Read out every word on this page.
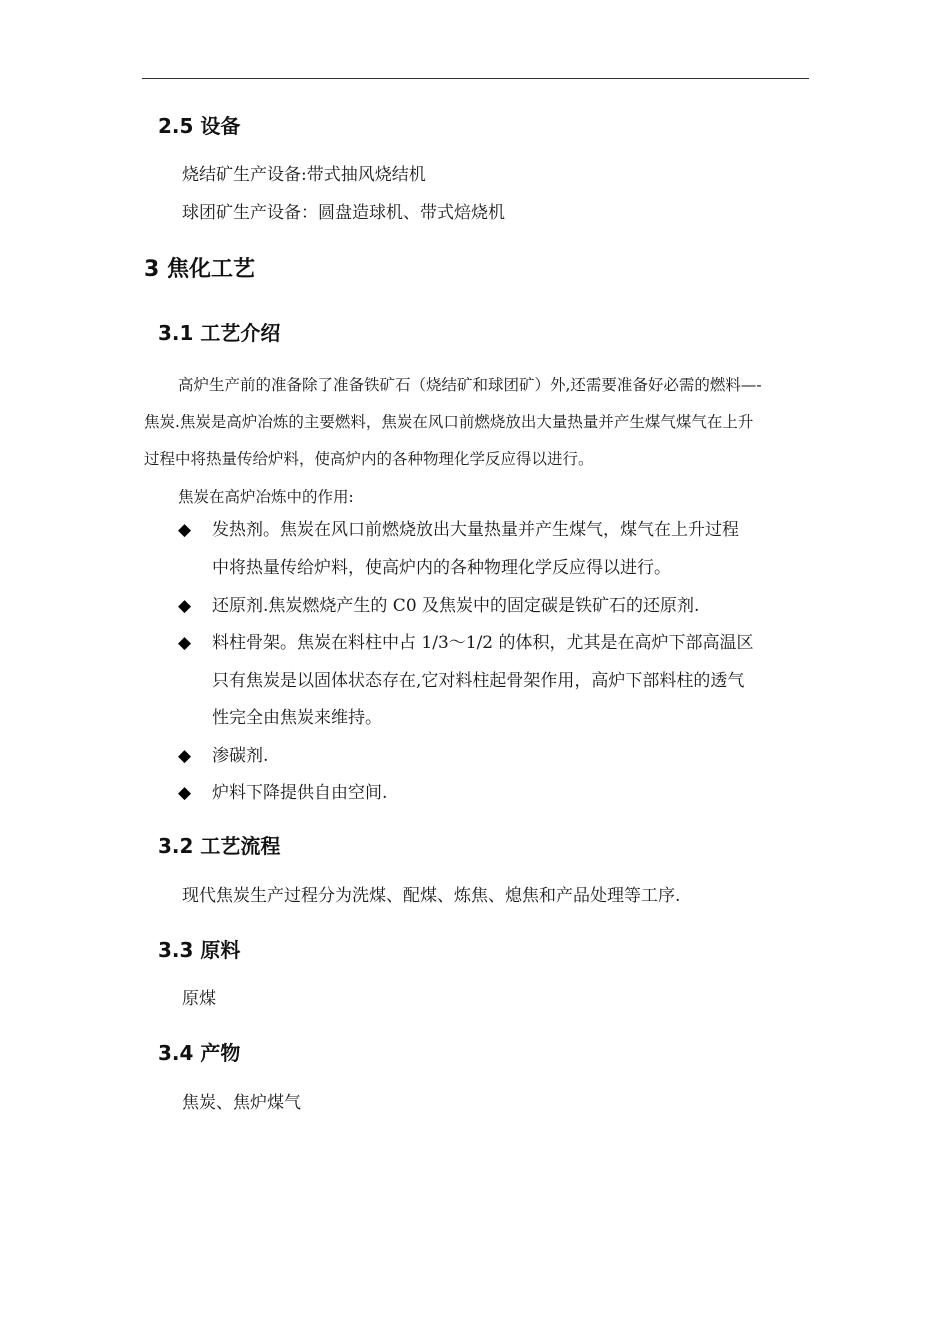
2.5 设备
烧结矿生产设备:带式抽风烧结机
球团矿生产设备：圆盘造球机、带式焙烧机
3 焦化工艺
3.1 工艺介绍
高炉生产前的准备除了准备铁矿石（烧结矿和球团矿）外,还需要准备好必需的燃料—-
焦炭.焦炭是高炉冶炼的主要燃料，焦炭在风口前燃烧放出大量热量并产生煤气煤气在上升
过程中将热量传给炉料，使高炉内的各种物理化学反应得以进行。
焦炭在高炉冶炼中的作用:
◆ 发热剂。焦炭在风口前燃烧放出大量热量并产生煤气，煤气在上升过程
中将热量传给炉料，使高炉内的各种物理化学反应得以进行。
◆ 还原剂.焦炭燃烧产生的 C0 及焦炭中的固定碳是铁矿石的还原剂.
◆ 料柱骨架。焦炭在料柱中占 1/3～1/2 的体积，尤其是在高炉下部高温区
只有焦炭是以固体状态存在,它对料柱起骨架作用，高炉下部料柱的透气
性完全由焦炭来维持。
◆ 渗碳剂.
◆ 炉料下降提供自由空间.
3.2 工艺流程
现代焦炭生产过程分为洗煤、配煤、炼焦、熄焦和产品处理等工序.
3.3 原料
原煤
3.4 产物
焦炭、焦炉煤气
